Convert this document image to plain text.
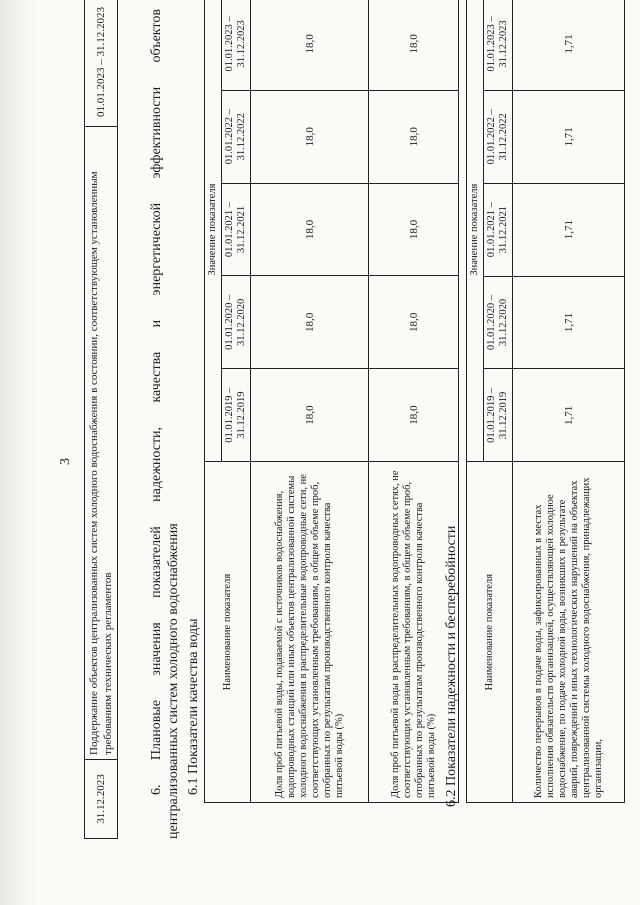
3
31.12.2023	Поддержание объектов централизованных систем холодного водоснабжения в состоянии, соответствующем установленным требованиям технических регламентов	01.01.2023 – 31.12.2023
6.
Плановые
значения
показателей
надежности,
качества
и
энергетической
эффективности
объектов
централизованных систем холодного водоснабжения 6.1 Показатели качества воды Наименование показателя	Значение показателя				
	01.01.2019 – 31.12.2019	01.01.2020 – 31.12.2020	01.01.2021 – 31.12.2021	01.01.2022 – 31.12.2022	01.01.2023 – 31.12.2023
Доля проб питьевой воды, подаваемой с источников водоснабжения, водопроводных станций или иных объектов централизованной системы холодного водоснабжения в распределительные водопроводные сети, не соответствующих установленным требованиям, в общем объеме проб, отобранных по результатам производственного контроля качества питьевой воды (%)	18,0	18,0	18,0	18,0	18,0
Доля проб питьевой воды в распределительных водопроводных сетях, не соответствующих установленным требованиям, в общем объеме проб, отобранных по результатам производственного контроля качества питьевой воды (%)	18,0	18,0	18,0	18,0	18,0
6.2 Показатели надежности и бесперебойности Наименование показателя	Значение показателя				
	01.01.2019 – 31.12.2019	01.01.2020 – 31.12.2020	01.01.2021 – 31.12.2021	01.01.2022 – 31.12.2022	01.01.2023 – 31.12.2023
Количество перерывов в подаче воды, зафиксированных в местах исполнения обязательств организацией, осуществляющей холодное водоснабжение, по подаче холодной воды, возникших в результате аварий, повреждений и иных технологических нарушений на объектах централизованной системы холодного водоснабжения, принадлежащих организации,	1,71	1,71	1,71	1,71	1,71
